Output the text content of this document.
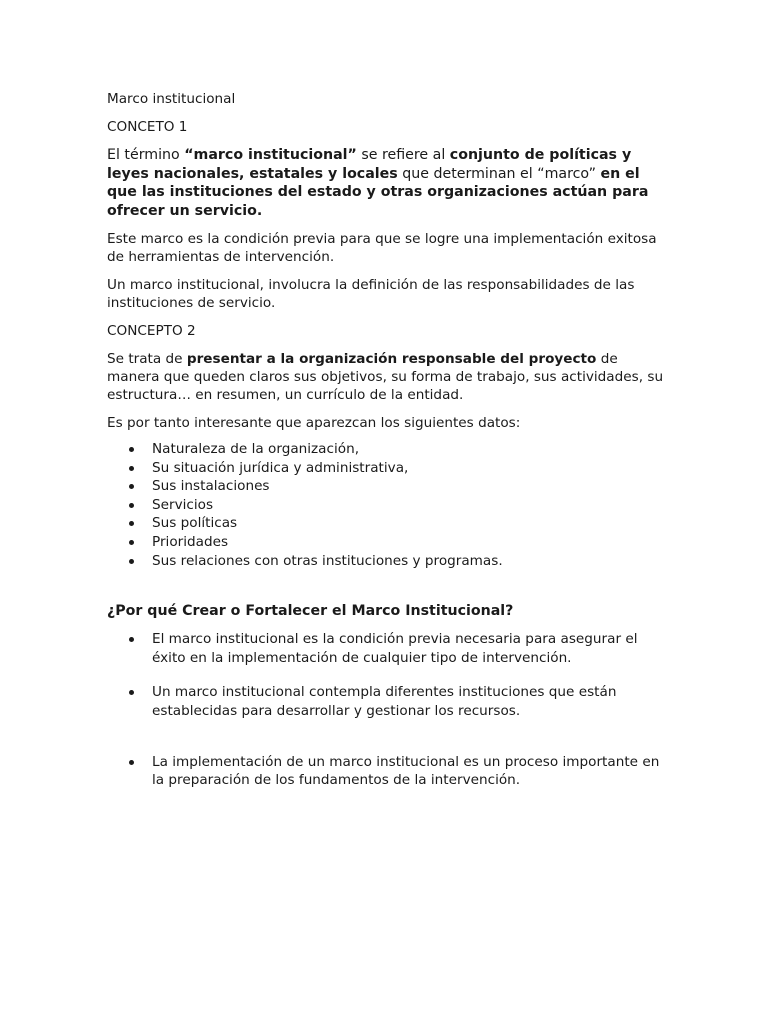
Marco institucional

CONCETO 1

El término “marco institucional” se refiere al conjunto de políticas y leyes nacionales, estatales y locales que determinan el “marco” en el que las instituciones del estado y otras organizaciones actúan para ofrecer un servicio.

Este marco es la condición previa para que se logre una implementación exitosa de herramientas de intervención.

Un marco institucional, involucra la definición de las responsabilidades de las instituciones de servicio.

CONCEPTO 2

Se trata de presentar a la organización responsable del proyecto de manera que queden claros sus objetivos, su forma de trabajo, sus actividades, su estructura… en resumen, un currículo de la entidad.

Es por tanto interesante que aparezcan los siguientes datos:

Naturaleza de la organización,
Su situación jurídica y administrativa,
Sus instalaciones
Servicios
Sus políticas
Prioridades
Sus relaciones con otras instituciones y programas.

¿Por qué Crear o Fortalecer el Marco Institucional?

El marco institucional es la condición previa necesaria para asegurar el éxito en la implementación de cualquier tipo de intervención.
Un marco institucional contempla diferentes instituciones que están establecidas para desarrollar y gestionar los recursos.
La implementación de un marco institucional es un proceso importante en la preparación de los fundamentos de la intervención.
